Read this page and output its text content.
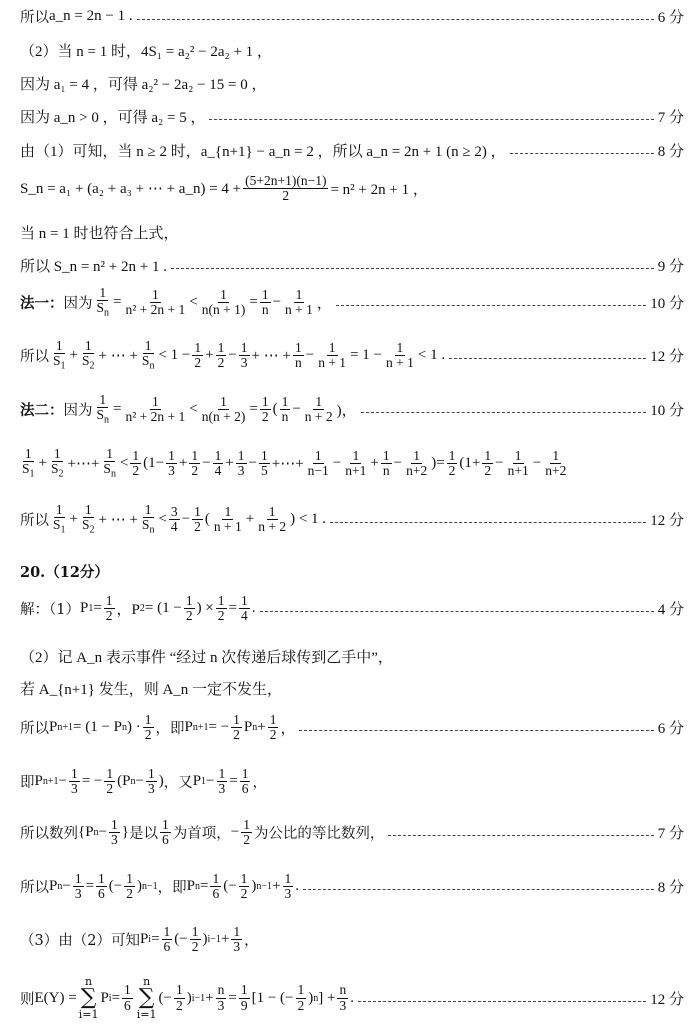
所以 a_n = 2n − 1 .	6 分
（2）当 n = 1 时，4S₁ = a₂² − 2a₂ + 1 ，
因为 a₁ = 4 ，可得 a₂² − 2a₂ − 15 = 0 ，
因为 a_n > 0 ，可得 a₂ = 5 ，	7 分
由（1）可知，当 n ≥ 2 时，a_{n+1} − a_n = 2 ，所以 a_n = 2n + 1 (n ≥ 2) ，	8 分
S_n = a₁ + (a₂ + a₃ + ⋯ + a_n) = $4 + \frac{(5+2n+1)(n-1)}{2} = n^2 + 2n + 1$ ，
当 n = 1 时也符合上式，
所以 S_n = n² + 2n + 1 .	9 分
法一： 因为 $\frac{1}{S_n} = \frac{1}{\text{n² + 2n + 1}} < \frac{1}{n(n + 1)} = \frac{1}{n} - \frac{1}{n + 1}$ ，	10 分
所以 $\frac{1}{S_1} + \frac{1}{S_2}$ + ⋯ + $\frac{1}{S_n} < 1 - \frac{1}{2} + \frac{1}{2} - \frac{1}{3}$ + ⋯ + $\frac{1}{n} - \frac{1}{n + 1} = 1 - \frac{1}{n + 1} < 1$ .	12 分
法二： 因为 $\frac{1}{S_n} = \frac{1}{\text{n² + 2n + 1}} < \frac{1}{n(n + 2)} = \frac{1}{2}$ ( $\frac{1}{n} - \frac{1}{n + 2}$ )，	10 分
$\frac{1}{S_1} + \frac{1}{S_2}$ +⋯+ $\frac{1}{S_n} < \frac{1}{2} (1- \frac{1}{3} + \frac{1}{2} - \frac{1}{4} + \frac{1}{3} - \frac{1}{5}$ +⋯+ $\frac{1}{n-1} - \frac{1}{n+1} + \frac{1}{n} - \frac{1}{n+2}$ )= $\frac{1}{2} (1+ \frac{1}{2} - \frac{1}{n+1} - \frac{1}{n+2}$
所以 $\frac{1}{S_1} + \frac{1}{S_2}$ + ⋯ + $\frac{1}{S_n} < \frac{3}{4} - \frac{1}{2}$ ( $\frac{1}{n + 1} + \frac{1}{n + 2}$ ) < 1 .	12 分
20.（12分）
解：（1） P $1 = \frac{1}{2}$ ，P $2 = (1 - \frac{1}{2}$ ) × $\frac{1}{2} = \frac{1}{4}$ .	4 分
（2）记 A_n 表示事件 “经过 n 次传递后球传到乙手中”，
若 A_{n+1} 发生，则 A_n 一定不发生，
所以 P n+1 = (1 − P n ) · $\frac{1}{2}$ ，即 P n+1 = − $\frac{1}{2}$ P $n + \frac{1}{2}$ ，	6 分
即 P $n+1 - \frac{1}{3}$ = − $\frac{1}{2} (P$ $n - \frac{1}{3}$ ) ，又 P $1 - \frac{1}{3} = \frac{1}{6}$ ，
所以数列 {P $n - \frac{1}{3}$ } 是以 $\frac{1}{6}$ 为首项， − $\frac{1}{2}$ 为公比的等比数列，	7 分
所以 P $n - \frac{1}{3} = \frac{1}{6}$ (− $\frac{1}{2}$ ) n−1 ，即 P $n = \frac{1}{6}$ (− $\frac{1}{2}$ ) $n-1 + \frac{1}{3}$ .	8 分
（3）由（2）可知 P $i = \frac{1}{6}$ (− $\frac{1}{2}$ ) $i-1 + \frac{1}{3}$ ，
则 E(Y) =
n
∑
i=1
P $i = \frac{1}{6}$
n
∑
i=1
(− $\frac{1}{2}$ ) $i-1 + \frac{n}{3} = \frac{1}{9} [1$ − (− $\frac{1}{2}$ ) n ] + $\frac{n}{3}$ .	12 分
